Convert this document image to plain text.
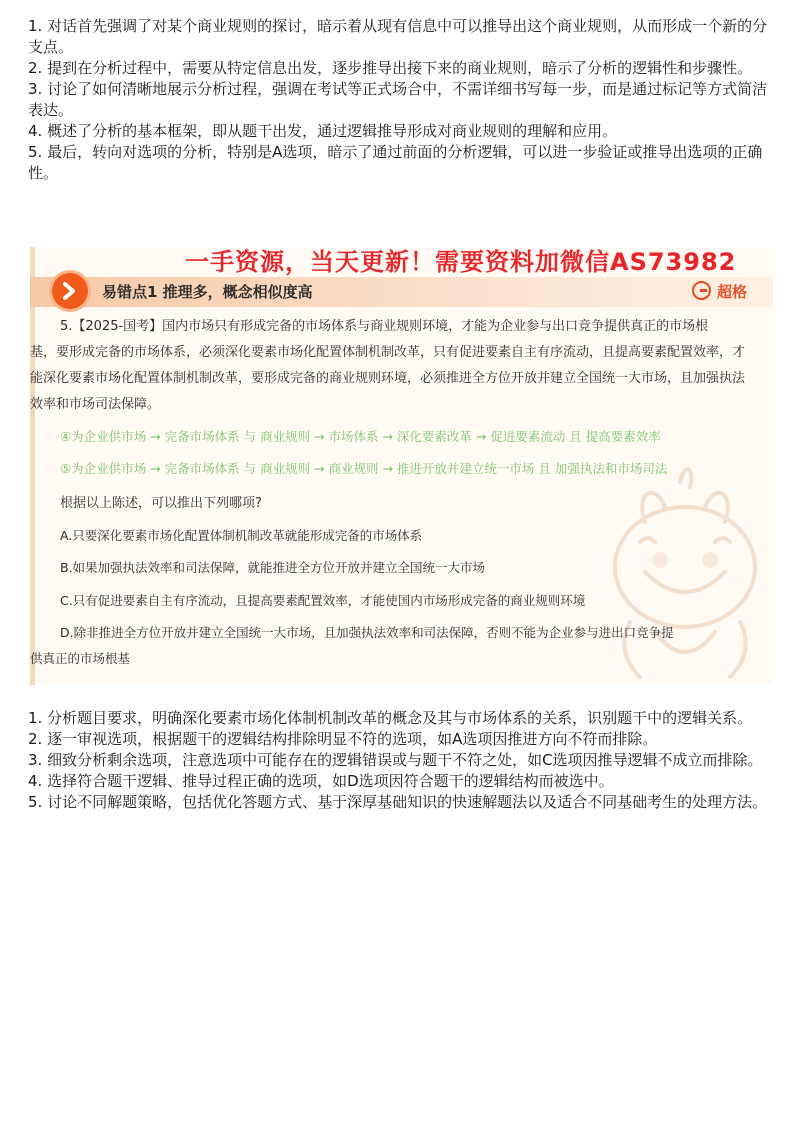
1. 对话首先强调了对某个商业规则的探讨，暗示着从现有信息中可以推导出这个商业规则，从而形成一个新的分支点。

2. 提到在分析过程中，需要从特定信息出发，逐步推导出接下来的商业规则，暗示了分析的逻辑性和步骤性。

3. 讨论了如何清晰地展示分析过程，强调在考试等正式场合中，不需详细书写每一步，而是通过标记等方式简洁表达。

4. 概述了分析的基本框架，即从题干出发，通过逻辑推导形成对商业规则的理解和应用。

5. 最后，转向对选项的分析，特别是A选项，暗示了通过前面的分析逻辑，可以进一步验证或推导出选项的正确性。

一手资源，当天更新！需要资料加微信AS73982
易错点1 推理多，概念相似度高	超格
5.【2025-国考】国内市场只有形成完备的市场体系与商业规则环境，才能为企业参与出口竞争提供真正的市场根
基，要形成完备的市场体系，必须深化要素市场化配置体制机制改革，只有促进要素自主有序流动，且提高要素配置效率，才能深化要素市场化配置体制机制改革，要形成完备的商业规则环境，必须推进全方位开放并建立全国统一大市场，且加强执法效率和市场司法保障。
④为企业供市场 → 完备市场体系 与 商业规则 → 市场体系 → 深化要素改革 → 促进要素流动 且 提高要素效率
⑤为企业供市场 → 完备市场体系 与 商业规则 → 商业规则 → 推进开放并建立统一市场 且 加强执法和市场司法
根据以上陈述，可以推出下列哪项?
A.只要深化要素市场化配置体制机制改革就能形成完备的市场体系
B.如果加强执法效率和司法保障，就能推进全方位开放并建立全国统一大市场
C.只有促进要素自主有序流动，且提高要素配置效率，才能使国内市场形成完备的商业规则环境
D.除非推进全方位开放并建立全国统一大市场，且加强执法效率和司法保障，否则不能为企业参与进出口竞争提
供真正的市场根基

1. 分析题目要求，明确深化要素市场化体制机制改革的概念及其与市场体系的关系，识别题干中的逻辑关系。

2. 逐一审视选项，根据题干的逻辑结构排除明显不符的选项，如A选项因推进方向不符而排除。

3. 细致分析剩余选项，注意选项中可能存在的逻辑错误或与题干不符之处，如C选项因推导逻辑不成立而排除。

4. 选择符合题干逻辑、推导过程正确的选项，如D选项因符合题干的逻辑结构而被选中。

5. 讨论不同解题策略，包括优化答题方式、基于深厚基础知识的快速解题法以及适合不同基础考生的处理方法。
